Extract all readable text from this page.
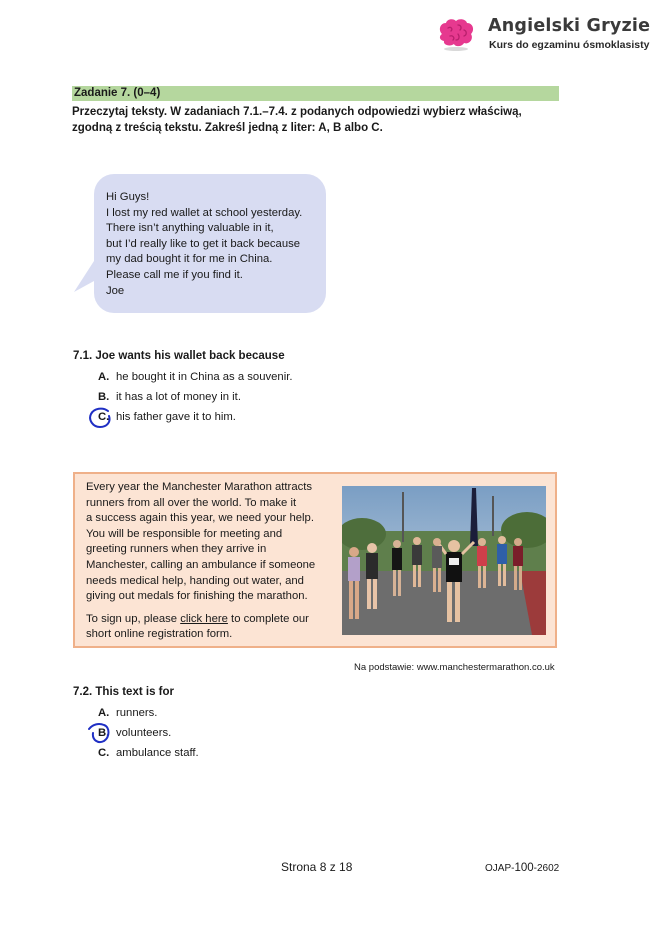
Angielski Gryzie
Kurs do egzaminu ósmoklasisty
Zadanie 7. (0–4)
Przeczytaj teksty. W zadaniach 7.1.–7.4. z podanych odpowiedzi wybierz właściwą,
zgodną z treścią tekstu. Zakreśl jedną z liter: A, B albo C.
Hi Guys!
I lost my red wallet at school yesterday.
There isn’t anything valuable in it,
but I’d really like to get it back because
my dad bought it for me in China.
Please call me if you find it.
Joe
7.1. Joe wants his wallet back because
A. he bought it in China as a souvenir.
B. it has a lot of money in it.
C. his father gave it to him.
Every year the Manchester Marathon attracts
runners from all over the world. To make it
a success again this year, we need your help.
You will be responsible for meeting and
greeting runners when they arrive in
Manchester, calling an ambulance if someone
needs medical help, handing out water, and
giving out medals for finishing the marathon.
To sign up, please click here to complete our
short online registration form.
Na podstawie: www.manchestermarathon.co.uk
7.2. This text is for
A. runners.
B. volunteers.
C. ambulance staff.
Strona 8 z 18	OJAP-100-2602
